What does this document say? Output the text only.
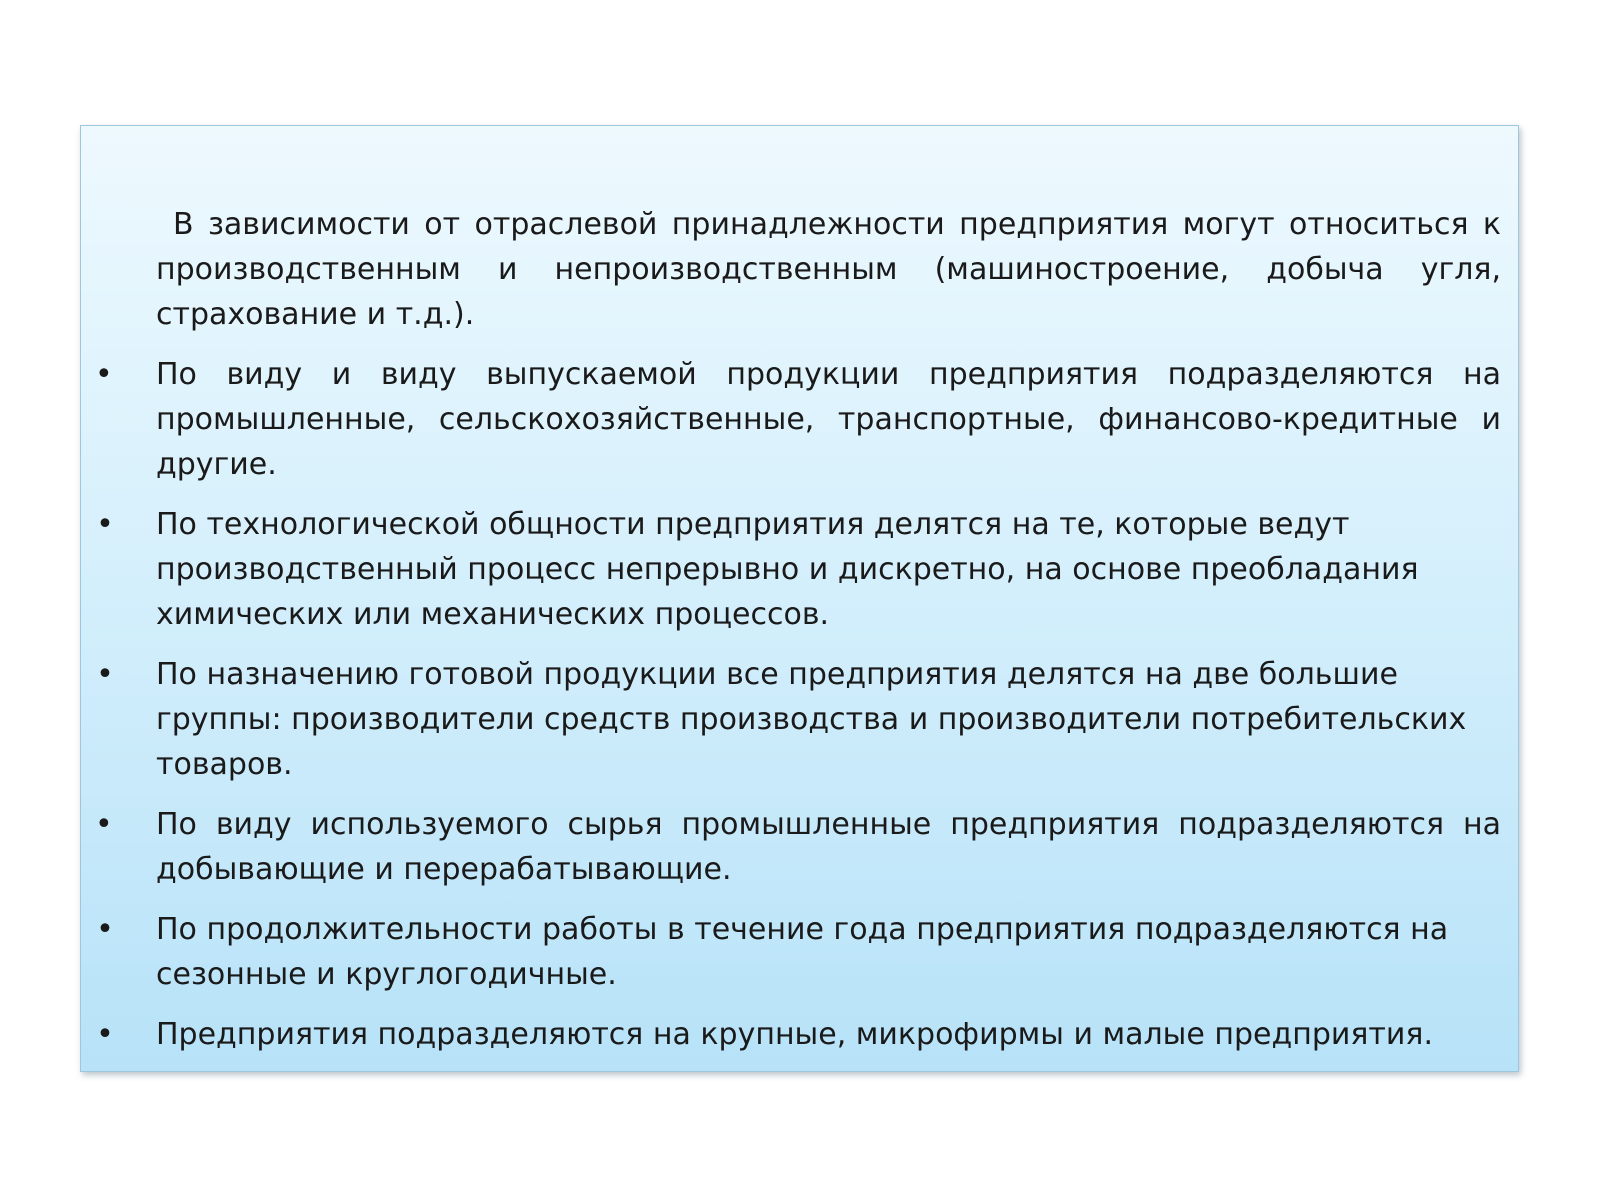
В зависимости от отраслевой принадлежности предприятия могут относиться к производственным и непроизводственным (машиностроение, добыча угля, страхование и т.д.).

• По виду и виду выпускаемой продукции предприятия подразделяются на промышленные, сельскохозяйственные, транспортные, финансово-кредитные и другие.
• По технологической общности предприятия делятся на те, которые ведут производственный процесс непрерывно и дискретно, на основе преобладания химических или механических процессов.
• По назначению готовой продукции все предприятия делятся на две большие группы: производители средств производства и производители потребительских товаров.
• По виду используемого сырья промышленные предприятия подразделяются на добывающие и перерабатывающие.
• По продолжительности работы в течение года предприятия подразделяются на сезонные и круглогодичные.
• Предприятия подразделяются на крупные, микрофирмы и малые предприятия.
